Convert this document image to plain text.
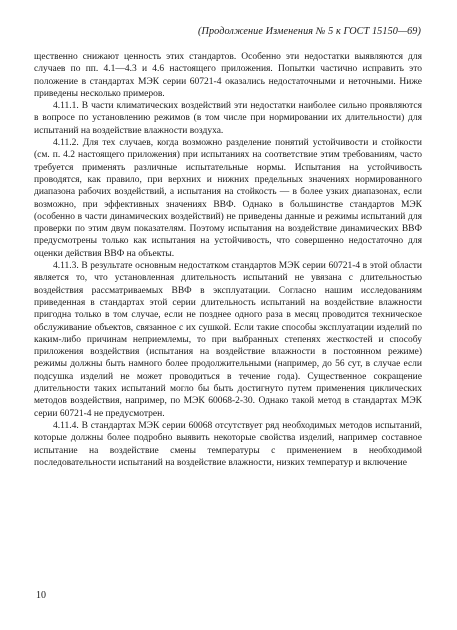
(Продолжение Изменения № 5 к ГОСТ 15150—69)

щественно снижают ценность этих стандартов. Особенно эти недостатки выявляются для случаев по пп. 4.1—4.3 и 4.6 настоящего приложения. Попытки частично исправить это положение в стандартах МЭК серии 60721-4 оказались недостаточными и неточными. Ниже приведены несколько примеров.

4.11.1. В части климатических воздействий эти недостатки наиболее сильно проявляются в вопросе по установлению режимов (в том числе при нормировании их длительности) для испытаний на воздействие влажности воздуха.

4.11.2. Для тех случаев, когда возможно разделение понятий устойчивости и стойкости (см. п. 4.2 настоящего приложения) при испытаниях на соответствие этим требованиям, часто требуется применять различные испытательные нормы. Испытания на устойчивость проводятся, как правило, при верхних и нижних предельных значениях нормированного диапазона рабочих воздействий, а испытания на стойкость — в более узких диапазонах, если возможно, при эффективных значениях ВВФ. Однако в большинстве стандартов МЭК (особенно в части динамических воздействий) не приведены данные и режимы испытаний для проверки по этим двум показателям. Поэтому испытания на воздействие динамических ВВФ предусмотрены только как испытания на устойчивость, что совершенно недостаточно для оценки действия ВВФ на объекты.

4.11.3. В результате основным недостатком стандартов МЭК серии 60721-4 в этой области является то, что установленная длительность испытаний не увязана с длительностью воздействия рассматриваемых ВВФ в эксплуатации. Согласно нашим исследованиям приведенная в стандартах этой серии длительность испытаний на воздействие влажности пригодна только в том случае, если не позднее одного раза в месяц проводится техническое обслуживание объектов, связанное с их сушкой. Если такие способы эксплуатации изделий по каким-либо причинам неприемлемы, то при выбранных степенях жесткостей и способу приложения воздействия (испытания на воздействие влажности в постоянном режиме) режимы должны быть намного более продолжительными (например, до 56 сут, в случае если подсушка изделий не может проводиться в течение года). Существенное сокращение длительности таких испытаний могло бы быть достигнуто путем применения циклических методов воздействия, например, по МЭК 60068-2-30. Однако такой метод в стандартах МЭК серии 60721-4 не предусмотрен.

4.11.4. В стандартах МЭК серии 60068 отсутствует ряд необходимых методов испытаний, которые должны более подробно выявить некоторые свойства изделий, например составное испытание на воздействие смены температуры с применением в необходимой последовательности испытаний на воздействие влажности, низких температур и включение

10
